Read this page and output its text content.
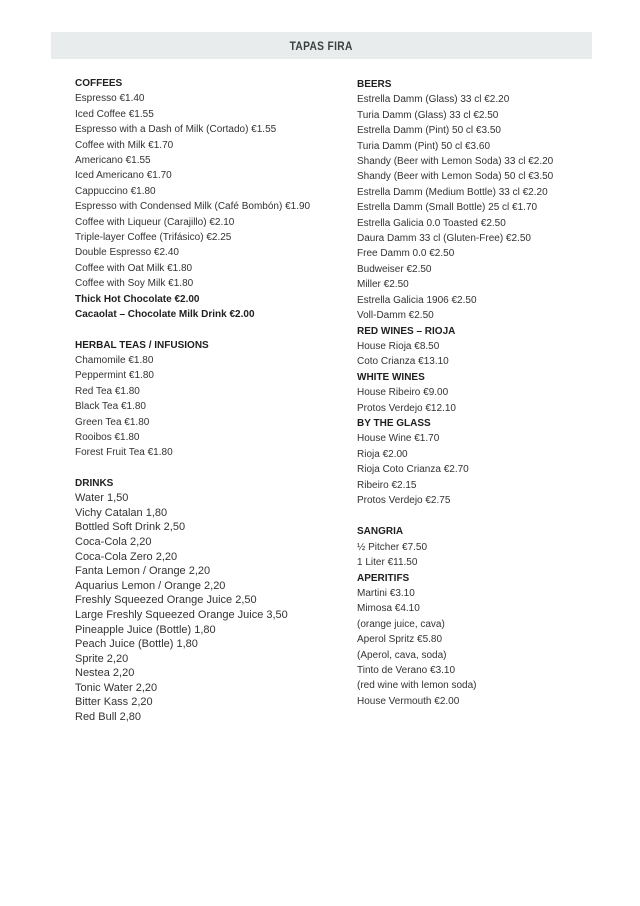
TAPAS FIRA
COFFEES
Espresso €1.40
Iced Coffee €1.55
Espresso with a Dash of Milk (Cortado) €1.55
Coffee with Milk €1.70
Americano €1.55
Iced Americano €1.70
Cappuccino €1.80
Espresso with Condensed Milk (Café Bombón) €1.90
Coffee with Liqueur (Carajillo) €2.10
Triple-layer Coffee (Trifásico) €2.25
Double Espresso €2.40
Coffee with Oat Milk €1.80
Coffee with Soy Milk €1.80
Thick Hot Chocolate €2.00
Cacaolat – Chocolate Milk Drink €2.00
HERBAL TEAS / INFUSIONS
Chamomile €1.80
Peppermint €1.80
Red Tea €1.80
Black Tea €1.80
Green Tea €1.80
Rooibos €1.80
Forest Fruit Tea €1.80
DRINKS
Water 1,50
Vichy Catalan 1,80
Bottled Soft Drink 2,50
Coca-Cola 2,20
Coca-Cola Zero 2,20
Fanta Lemon / Orange 2,20
Aquarius Lemon / Orange 2,20
Freshly Squeezed Orange Juice 2,50
Large Freshly Squeezed Orange Juice 3,50
Pineapple Juice (Bottle) 1,80
Peach Juice (Bottle) 1,80
Sprite 2,20
Nestea 2,20
Tonic Water 2,20
Bitter Kass 2,20
Red Bull 2,80
BEERS
Estrella Damm (Glass) 33 cl €2.20
Turia Damm (Glass) 33 cl €2.50
Estrella Damm (Pint) 50 cl €3.50
Turia Damm (Pint) 50 cl €3.60
Shandy (Beer with Lemon Soda) 33 cl €2.20
Shandy (Beer with Lemon Soda) 50 cl €3.50
Estrella Damm (Medium Bottle) 33 cl €2.20
Estrella Damm (Small Bottle) 25 cl €1.70
Estrella Galicia 0.0 Toasted €2.50
Daura Damm 33 cl (Gluten-Free) €2.50
Free Damm 0.0 €2.50
Budweiser €2.50
Miller €2.50
Estrella Galicia 1906 €2.50
Voll-Damm €2.50
RED WINES – RIOJA
House Rioja €8.50
Coto Crianza €13.10
WHITE WINES
House Ribeiro €9.00
Protos Verdejo €12.10
BY THE GLASS
House Wine €1.70
Rioja €2.00
Rioja Coto Crianza €2.70
Ribeiro €2.15
Protos Verdejo €2.75
SANGRIA
½ Pitcher €7.50
1 Liter €11.50
APERITIFS
Martini €3.10
Mimosa €4.10
(orange juice, cava)
Aperol Spritz €5.80
(Aperol, cava, soda)
Tinto de Verano €3.10
(red wine with lemon soda)
House Vermouth €2.00
